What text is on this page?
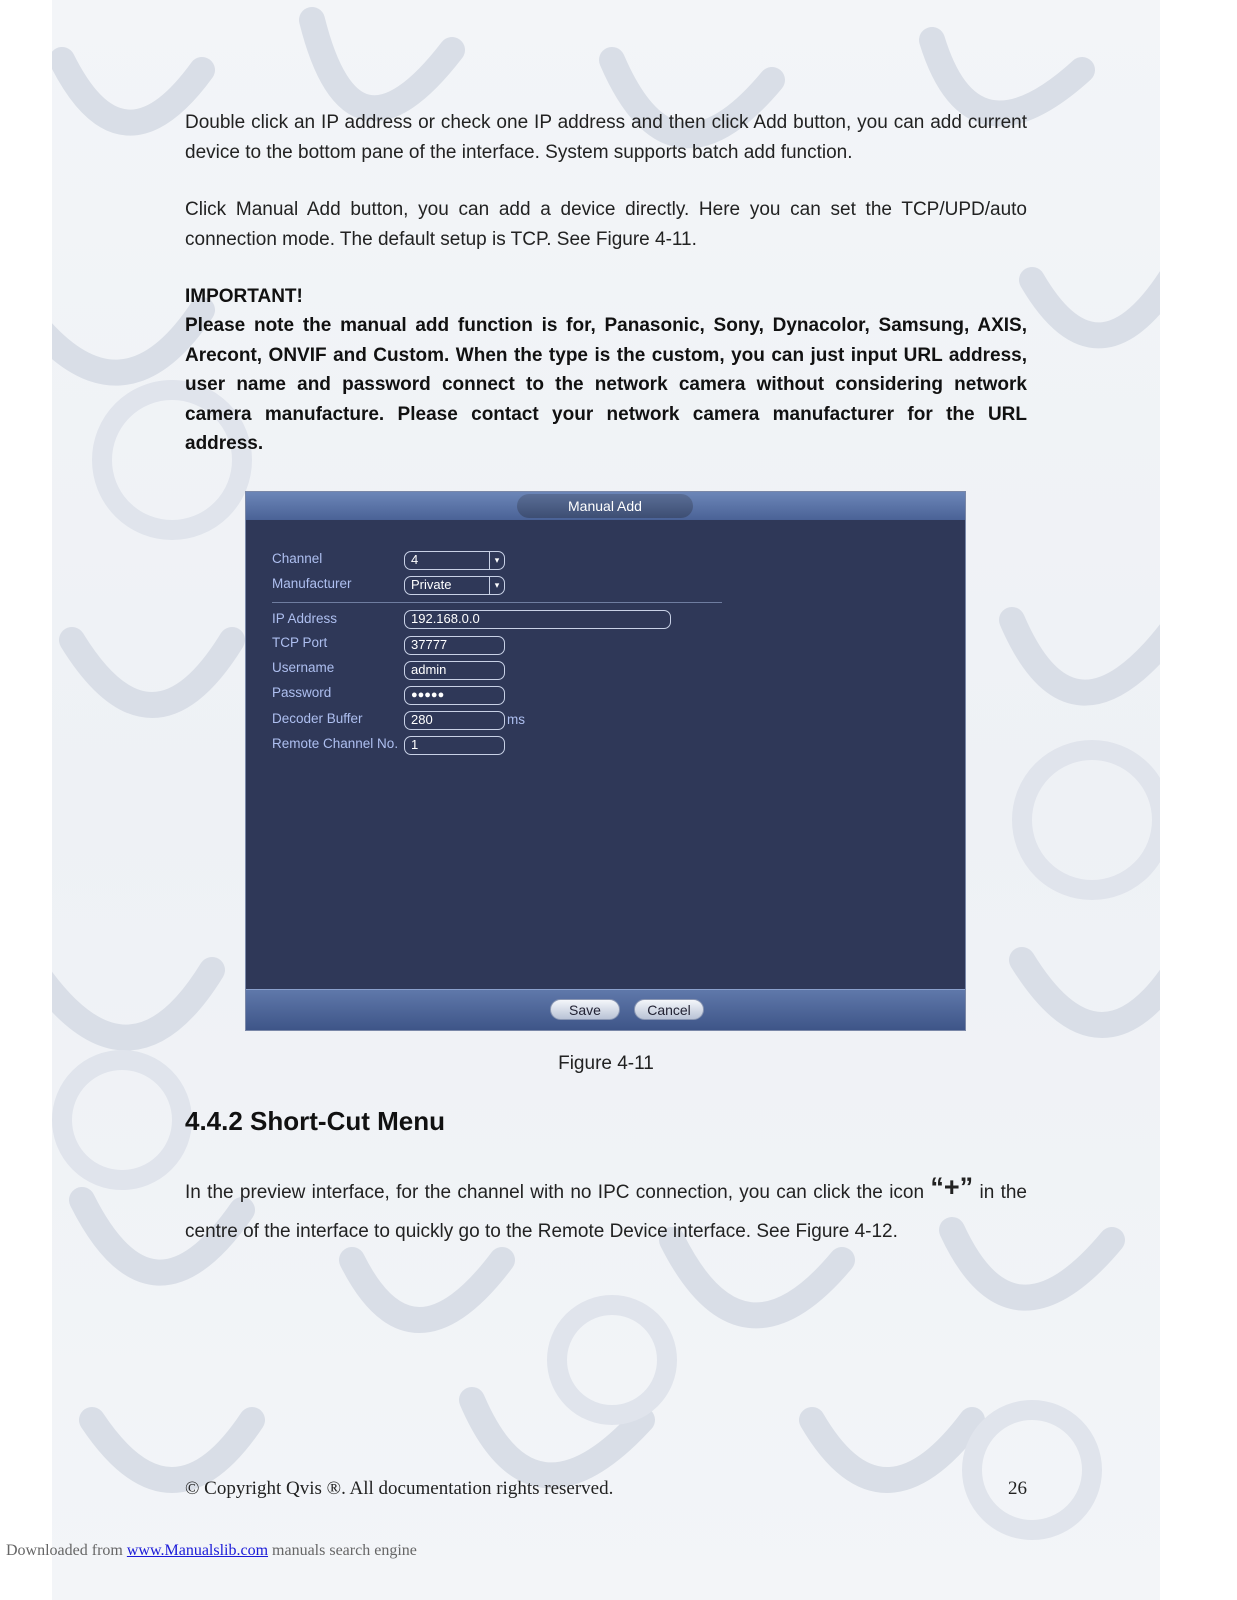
Double click an IP address or check one IP address and then click Add button, you can add current device to the bottom pane of the interface. System supports batch add function.

Click Manual Add button, you can add a device directly. Here you can set the TCP/UPD/auto connection mode. The default setup is TCP. See Figure 4-11.

IMPORTANT!

Please note the manual add function is for, Panasonic, Sony, Dynacolor, Samsung, AXIS, Arecont, ONVIF and Custom. When the type is the custom, you can just input URL address, user name and password connect to the network camera without considering network camera manufacture. Please contact your network camera manufacturer for the URL address.

Manual Add
Channel	4	▾
Manufacturer	Private	▾
IP Address	192.168.0.0
TCP Port	37777
Username	admin
Password	●●●●●
Decoder Buffer	280	ms
Remote Channel No. 1
Save	Cancel
Figure 4-11
4.4.2 Short-Cut Menu

In the preview interface, for the channel with no IPC connection, you can click the icon “+” in the centre of the interface to quickly go to the Remote Device interface. See Figure 4-12.

© Copyright Qvis ®. All documentation rights reserved.	26
Downloaded from www.Manualslib.com manuals search engine
